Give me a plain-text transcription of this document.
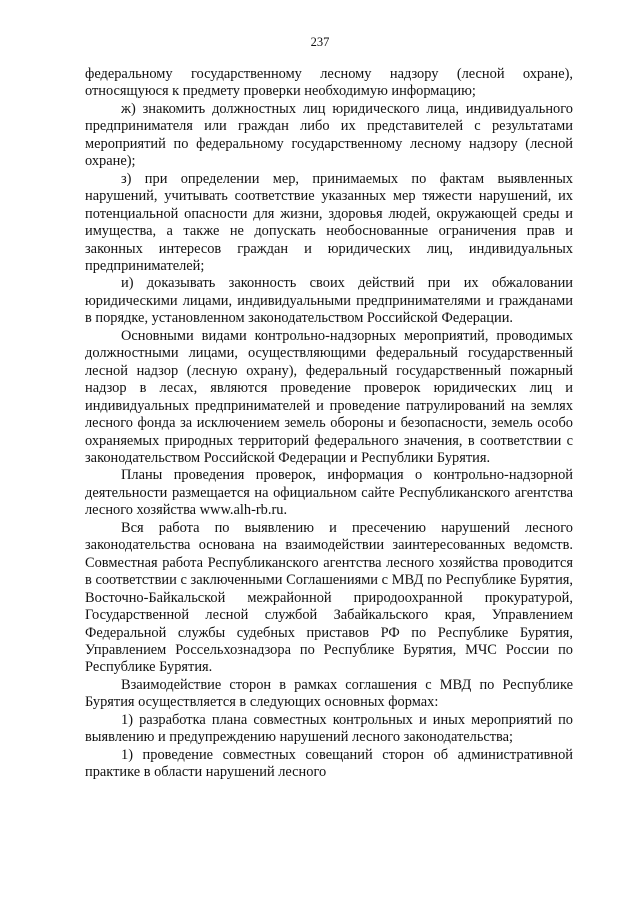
237

федеральному государственному лесному надзору (лесной охране), относящуюся к предмету проверки необходимую информацию;

ж) знакомить должностных лиц юридического лица, индивидуального предпринимателя или граждан либо их представителей с результатами мероприятий по федеральному государственному лесному надзору (лесной охране);

з) при определении мер, принимаемых по фактам выявленных нарушений, учитывать соответствие указанных мер тяжести нарушений, их потенциальной опасности для жизни, здоровья людей, окружающей среды и имущества, а также не допускать необоснованные ограничения прав и законных интересов граждан и юридических лиц, индивидуальных предпринимателей;

и) доказывать законность своих действий при их обжаловании юридическими лицами, индивидуальными предпринимателями и гражданами в порядке, установленном законодательством Российской Федерации.

Основными видами контрольно-надзорных мероприятий, проводимых должностными лицами, осуществляющими федеральный государственный лесной надзор (лесную охрану), федеральный государственный пожарный надзор в лесах, являются проведение проверок юридических лиц и индивидуальных предпринимателей и проведение патрулирований на землях лесного фонда за исключением земель обороны и безопасности, земель особо охраняемых природных территорий федерального значения, в соответствии с законодательством Российской Федерации и Республики Бурятия.

Планы проведения проверок, информация о контрольно-надзорной деятельности размещается на официальном сайте Республиканского агентства лесного хозяйства www.alh-rb.ru.

Вся работа по выявлению и пресечению нарушений лесного законодательства основана на взаимодействии заинтересованных ведомств. Совместная работа Республиканского агентства лесного хозяйства проводится в соответствии с заключенными Соглашениями с МВД по Республике Бурятия, Восточно-Байкальской межрайонной природоохранной прокуратурой, Государственной лесной службой Забайкальского края, Управлением Федеральной службы судебных приставов РФ по Республике Бурятия, Управлением Россельхознадзора по Республике Бурятия, МЧС России по Республике Бурятия.

Взаимодействие сторон в рамках соглашения с МВД по Республике Бурятия осуществляется в следующих основных формах:

1) разработка плана совместных контрольных и иных мероприятий по выявлению и предупреждению нарушений лесного законодательства;

1) проведение совместных совещаний сторон об административной практике в области нарушений лесного
